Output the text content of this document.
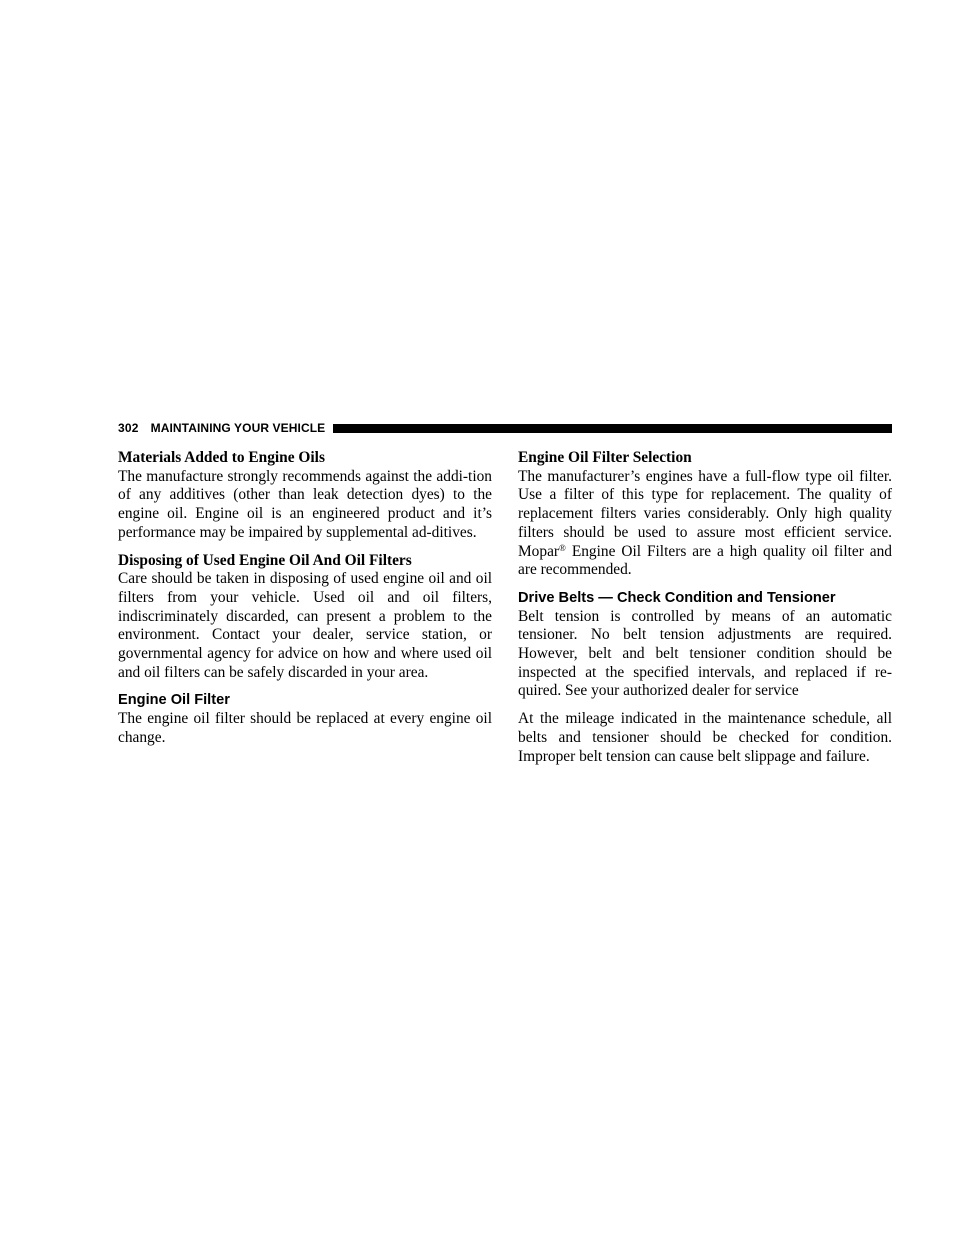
302 MAINTAINING YOUR VEHICLE
Materials Added to Engine Oils

The manufacture strongly recommends against the addi-tion of any additives (other than leak detection dyes) to the engine oil. Engine oil is an engineered product and it’s performance may be impaired by supplemental ad-ditives.

Disposing of Used Engine Oil And Oil Filters

Care should be taken in disposing of used engine oil and oil filters from your vehicle. Used oil and oil filters, indiscriminately discarded, can present a problem to the environment. Contact your dealer, service station, or governmental agency for advice on how and where used oil and oil filters can be safely discarded in your area.

Engine Oil Filter

The engine oil filter should be replaced at every engine oil change.

Engine Oil Filter Selection

The manufacturer’s engines have a full-flow type oil filter. Use a filter of this type for replacement. The quality of replacement filters varies considerably. Only high quality filters should be used to assure most efficient service. Mopar® Engine Oil Filters are a high quality oil filter and are recommended.

Drive Belts — Check Condition and Tensioner

Belt tension is controlled by means of an automatic tensioner. No belt tension adjustments are required. However, belt and belt tensioner condition should be inspected at the specified intervals, and replaced if re-quired. See your authorized dealer for service

At the mileage indicated in the maintenance schedule, all belts and tensioner should be checked for condition. Improper belt tension can cause belt slippage and failure.
